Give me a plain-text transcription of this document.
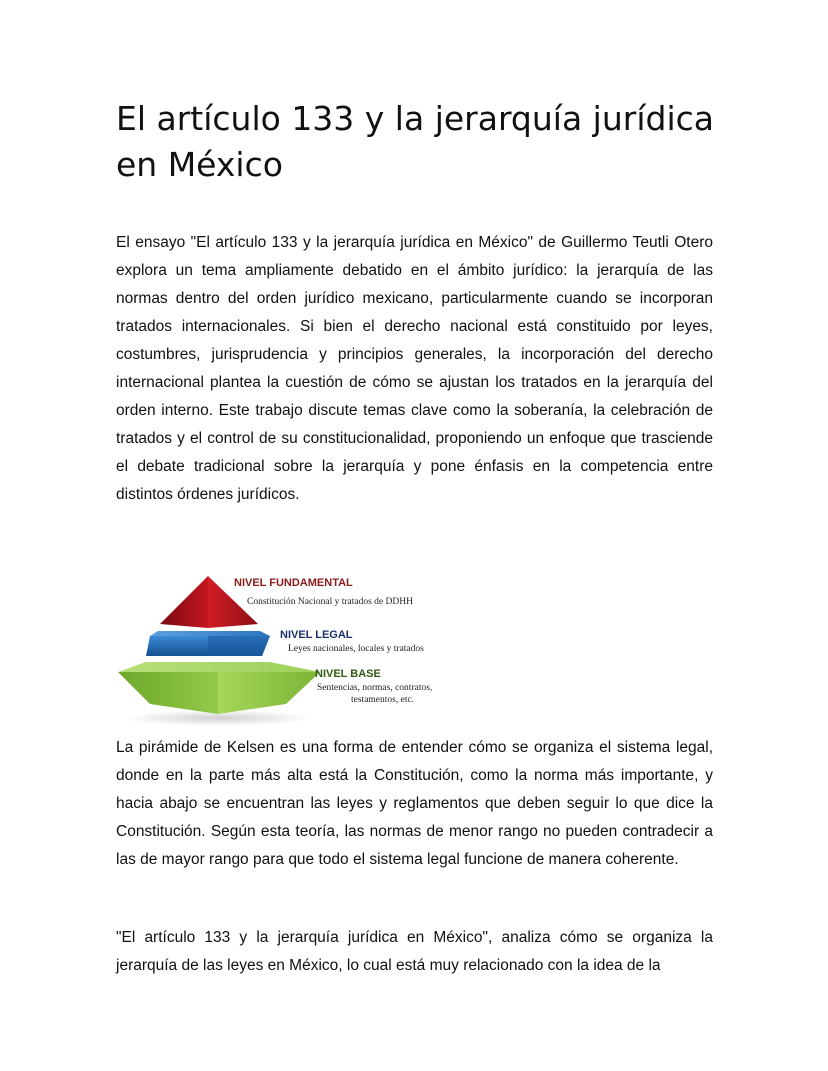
El artículo 133 y la jerarquía jurídica en México

El ensayo "El artículo 133 y la jerarquía jurídica en México" de Guillermo Teutli Otero explora un tema ampliamente debatido en el ámbito jurídico: la jerarquía de las normas dentro del orden jurídico mexicano, particularmente cuando se incorporan tratados internacionales. Si bien el derecho nacional está constituido por leyes, costumbres, jurisprudencia y principios generales, la incorporación del derecho internacional plantea la cuestión de cómo se ajustan los tratados en la jerarquía del orden interno. Este trabajo discute temas clave como la soberanía, la celebración de tratados y el control de su constitucionalidad, proponiendo un enfoque que trasciende el debate tradicional sobre la jerarquía y pone énfasis en la competencia entre distintos órdenes jurídicos.

NIVEL FUNDAMENTAL
Constitución Nacional y tratados de DDHH
NIVEL LEGAL
Leyes nacionales, locales y tratados
NIVEL BASE
Sentencias, normas, contratos,
testamentos, etc.

La pirámide de Kelsen es una forma de entender cómo se organiza el sistema legal, donde en la parte más alta está la Constitución, como la norma más importante, y hacia abajo se encuentran las leyes y reglamentos que deben seguir lo que dice la Constitución. Según esta teoría, las normas de menor rango no pueden contradecir a las de mayor rango para que todo el sistema legal funcione de manera coherente.

"El artículo 133 y la jerarquía jurídica en México", analiza cómo se organiza la jerarquía de las leyes en México, lo cual está muy relacionado con la idea de la
